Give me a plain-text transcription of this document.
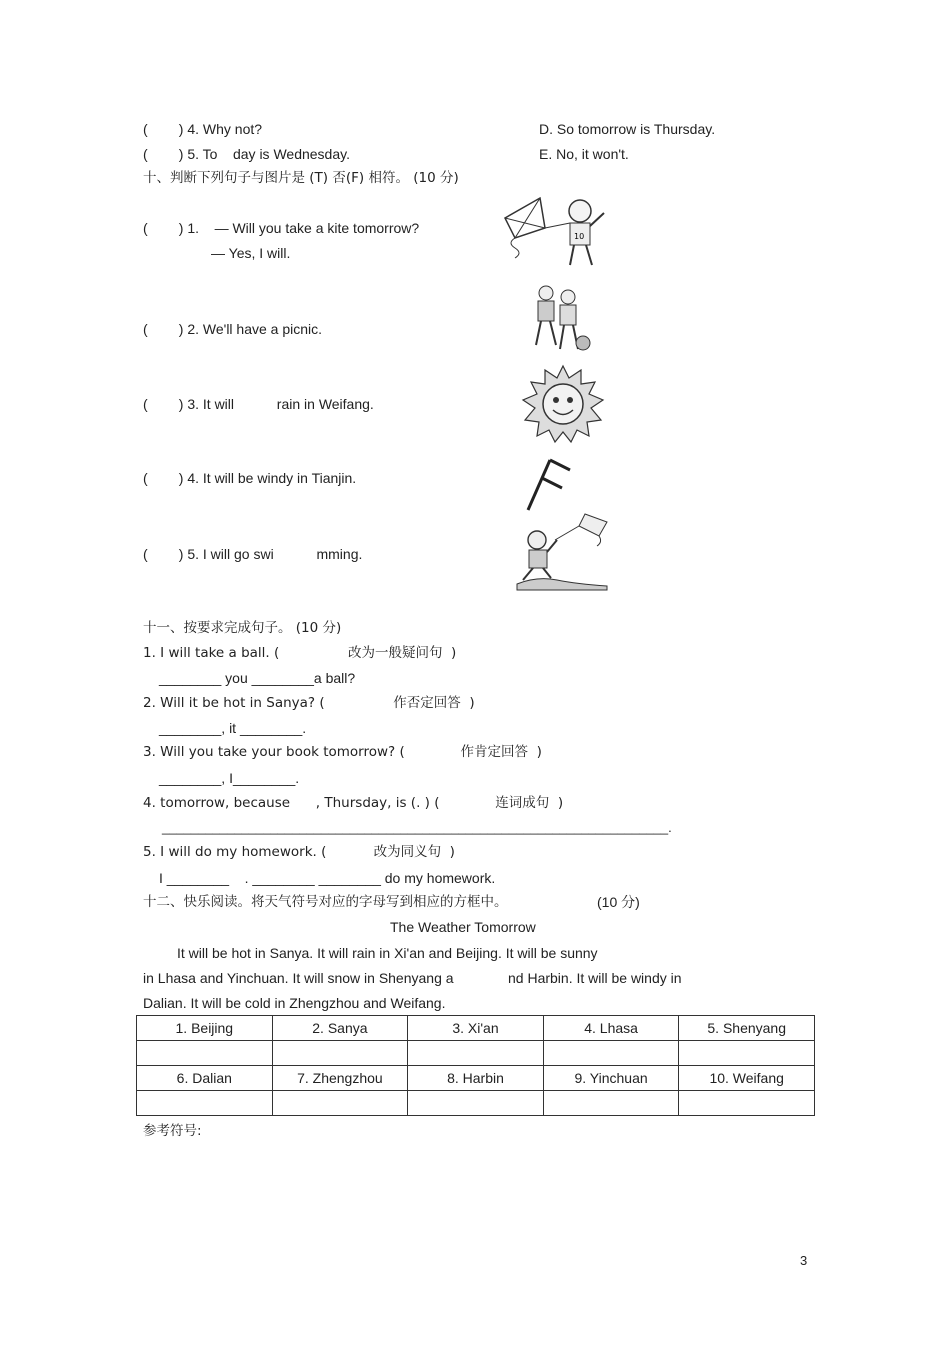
(        ) 4. Why not?	D. So tomorrow is Thursday.
(        ) 5. To    day is Wednesday.	E. No, it won't.
十、判断下列句子与图片是 (T) 否(F) 相符。 (10 分)
(        ) 1.    — Will you take a kite tomorrow?
— Yes, I will.
(        ) 2. We'll have a picnic.
(        ) 3. It will           rain in Weifang.
(        ) 4. It will be windy in Tianjin.
(        ) 5. I will go swi           mming.
10
十一、按要求完成句子。 (10 分)
1. I will take a ball. (                改为一般疑问句  )
________ you ________a ball?
2. Will it be hot in Sanya? (                作否定回答  )
________, it ________.
3. Will you take your book tomorrow? (             作肯定回答  )
________, I________.
4. tomorrow, because      , Thursday, is (. ) (             连词成句  )
______________________________________________________________________.
5. I will do my homework. (           改为同义句  )
I ________    . ________ ________ do my homework.
十二、快乐阅读。将天气符号对应的字母写到相应的方框中。	(10 分)
The Weather Tomorrow
It will be hot in Sanya. It will rain in Xi'an and Beijing. It will be sunny
in Lhasa and Yinchuan. It will snow in Shenyang a              nd Harbin. It will be windy in
Dalian. It will be cold in Zhengzhou and Weifang.
1. Beijing	2. Sanya	3. Xi'an	4. Lhasa	5. Shenyang

6. Dalian	7. Zhengzhou	8. Harbin	9. Yinchuan	10. Weifang

参考符号:
3
